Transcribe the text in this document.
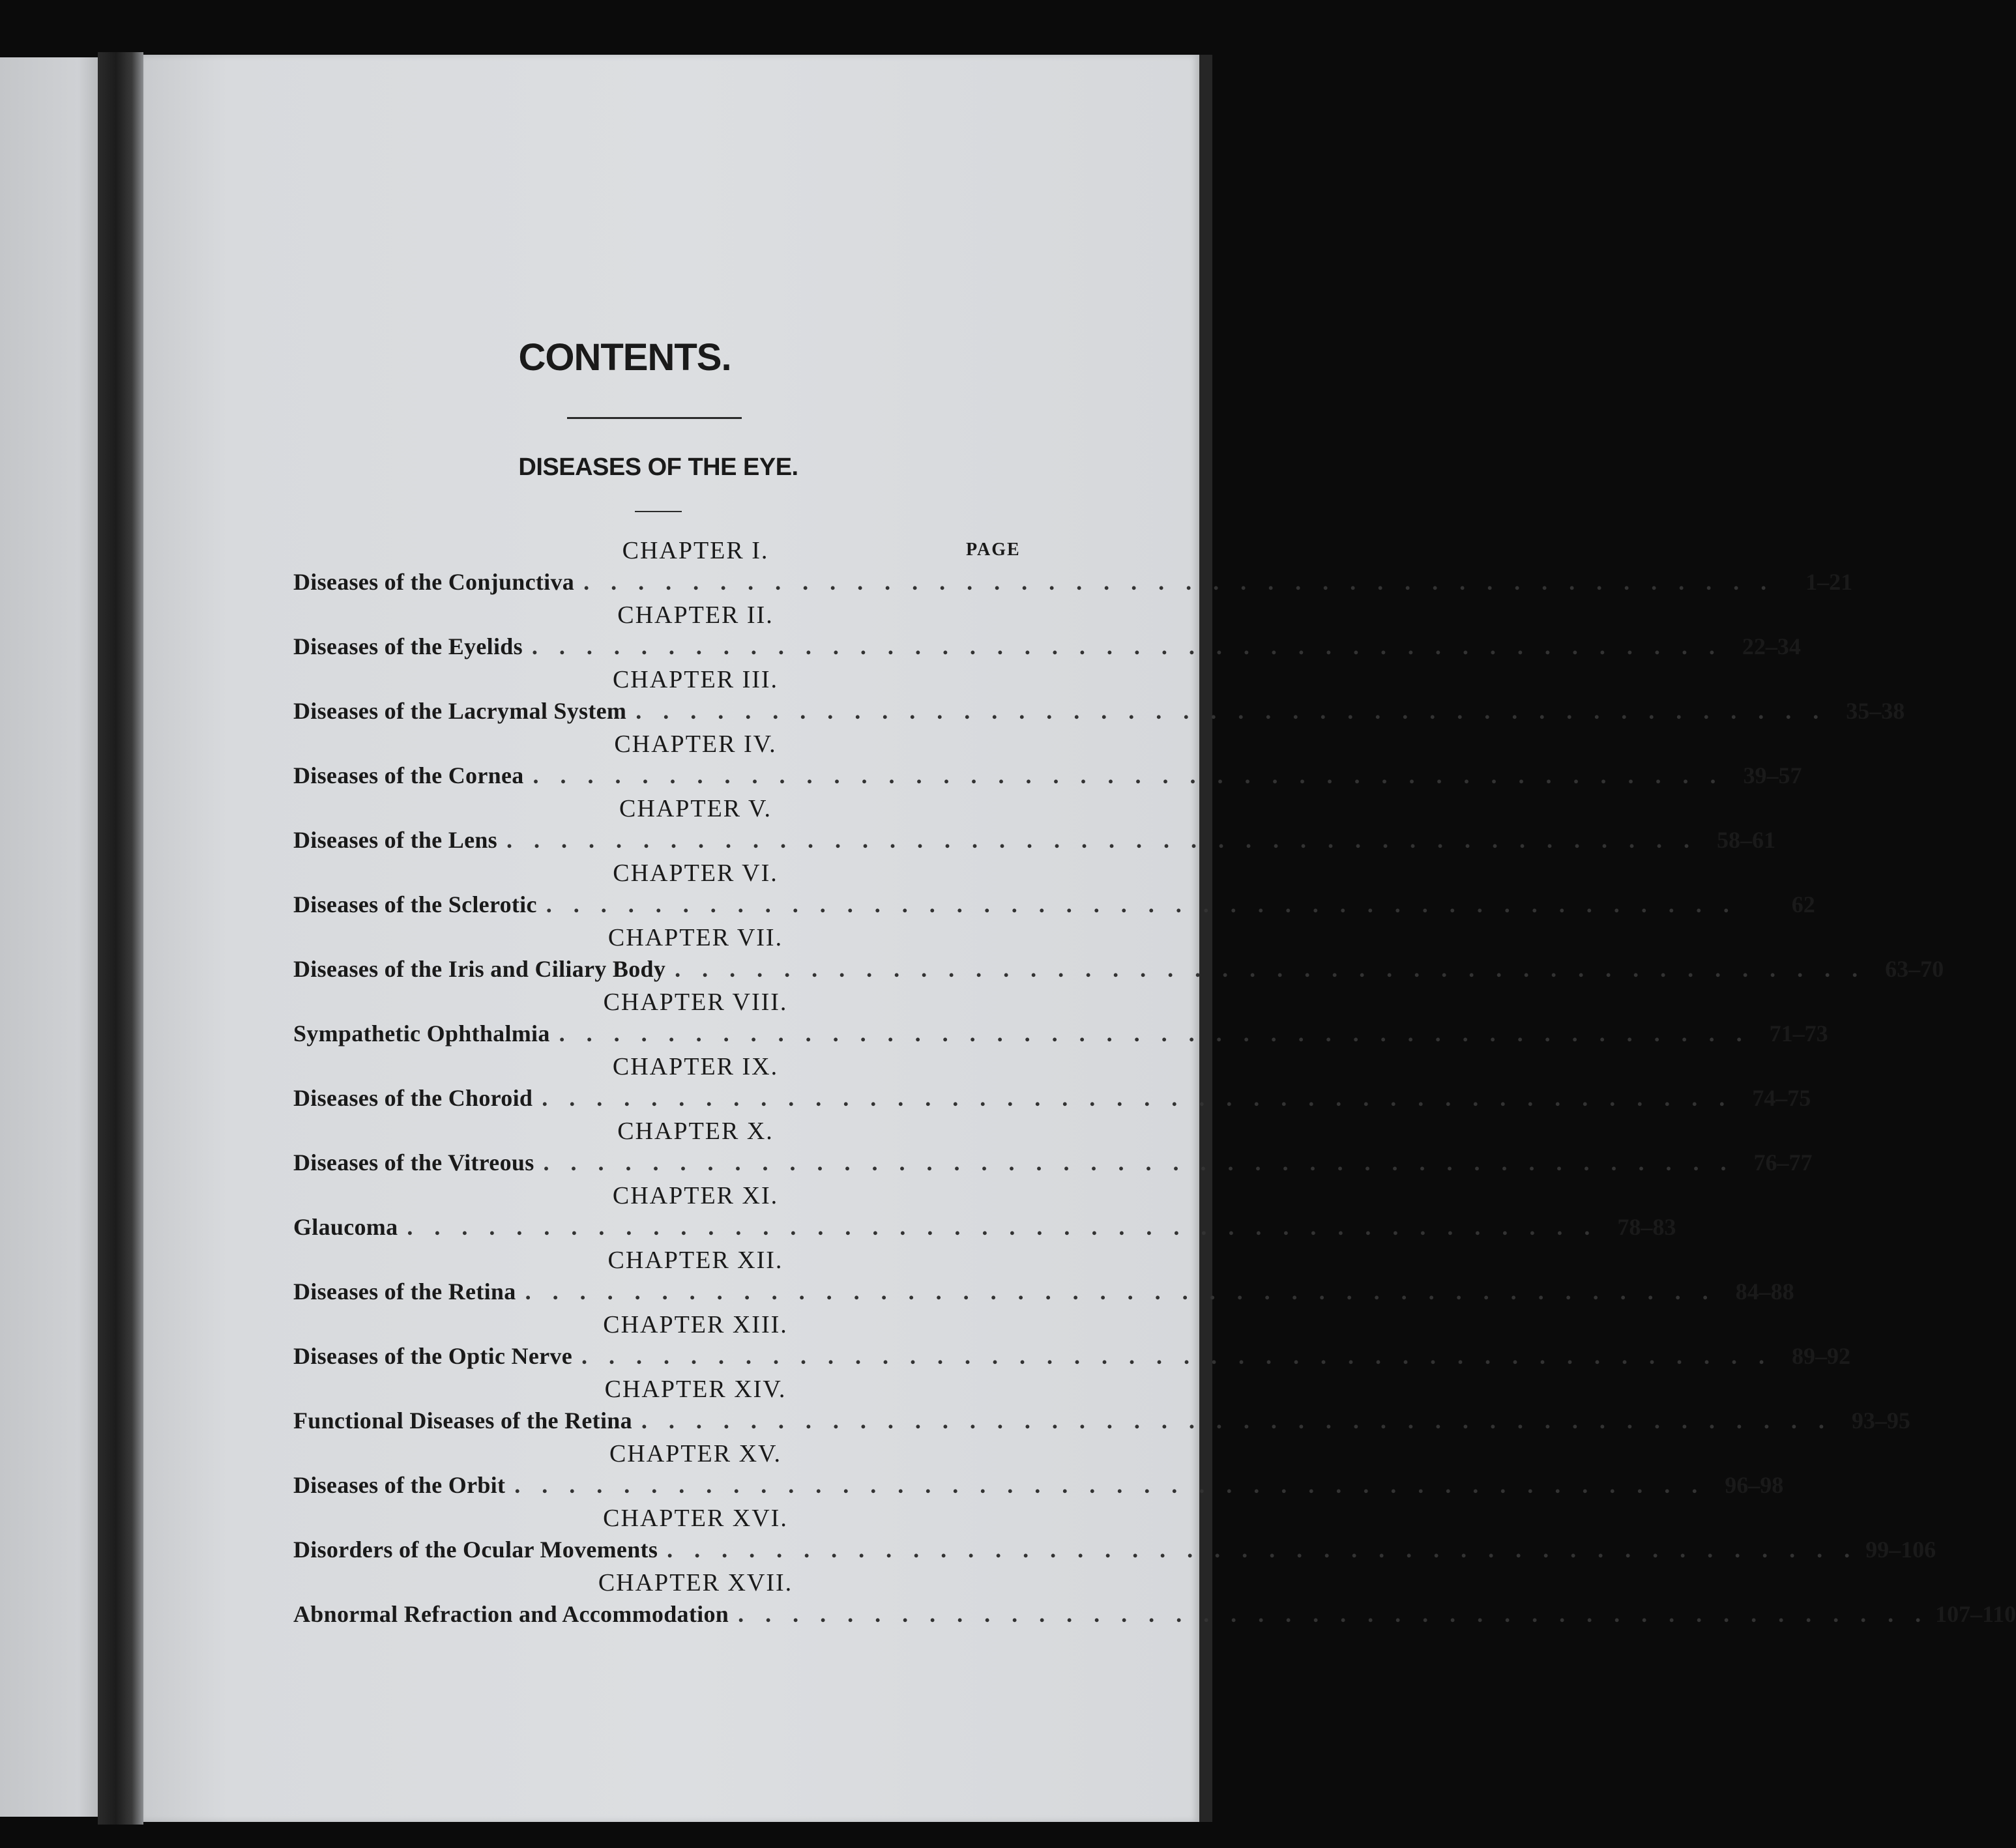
CONTENTS.
DISEASES OF THE EYE.
PAGE
CHAPTER I.
Diseases of the Conjunctiva . . . . . . . . . . . . . . . . . . . . . . . . . . . . . . . . . . . . . . . . . . . .	1–21
CHAPTER II.
Diseases of the Eyelids . . . . . . . . . . . . . . . . . . . . . . . . . . . . . . . . . . . . . . . . . . . . 22–34
CHAPTER III.
Diseases of the Lacrymal System . . . . . . . . . . . . . . . . . . . . . . . . . . . . . . . . . . . . . . . . . . . . 35–38
CHAPTER IV.
Diseases of the Cornea . . . . . . . . . . . . . . . . . . . . . . . . . . . . . . . . . . . . . . . . . . . . 39–57
CHAPTER V.
Diseases of the Lens . . . . . . . . . . . . . . . . . . . . . . . . . . . . . . . . . . . . . . . . . . . . 58–61
CHAPTER VI.
Diseases of the Sclerotic . . . . . . . . . . . . . . . . . . . . . . . . . . . . . . . . . . . . . . . . . . . .	62
CHAPTER VII.
Diseases of the Iris and Ciliary Body . . . . . . . . . . . . . . . . . . . . . . . . . . . . . . . . . . . . . . . . . . . . 63–70
CHAPTER VIII.
Sympathetic Ophthalmia . . . . . . . . . . . . . . . . . . . . . . . . . . . . . . . . . . . . . . . . . . . . 71–73
CHAPTER IX.
Diseases of the Choroid . . . . . . . . . . . . . . . . . . . . . . . . . . . . . . . . . . . . . . . . . . . . 74–75
CHAPTER X.
Diseases of the Vitreous . . . . . . . . . . . . . . . . . . . . . . . . . . . . . . . . . . . . . . . . . . . . 76–77
CHAPTER XI.
Glaucoma . . . . . . . . . . . . . . . . . . . . . . . . . . . . . . . . . . . . . . . . . . . . 78–83
CHAPTER XII.
Diseases of the Retina . . . . . . . . . . . . . . . . . . . . . . . . . . . . . . . . . . . . . . . . . . . . 84–88
CHAPTER XIII.
Diseases of the Optic Nerve . . . . . . . . . . . . . . . . . . . . . . . . . . . . . . . . . . . . . . . . . . . . 89–92
CHAPTER XIV.
Functional Diseases of the Retina . . . . . . . . . . . . . . . . . . . . . . . . . . . . . . . . . . . . . . . . . . . . 93–95
CHAPTER XV.
Diseases of the Orbit . . . . . . . . . . . . . . . . . . . . . . . . . . . . . . . . . . . . . . . . . . . . 96–98
CHAPTER XVI.
Disorders of the Ocular Movements . . . . . . . . . . . . . . . . . . . . . . . . . . . . . . . . . . . . . . . . . . . . 99–106
CHAPTER XVII.
Abnormal Refraction and Accommodation . . . . . . . . . . . . . . . . . . . . . . . . . . . . . . . . . . . . . . . . . . . . 107–110
